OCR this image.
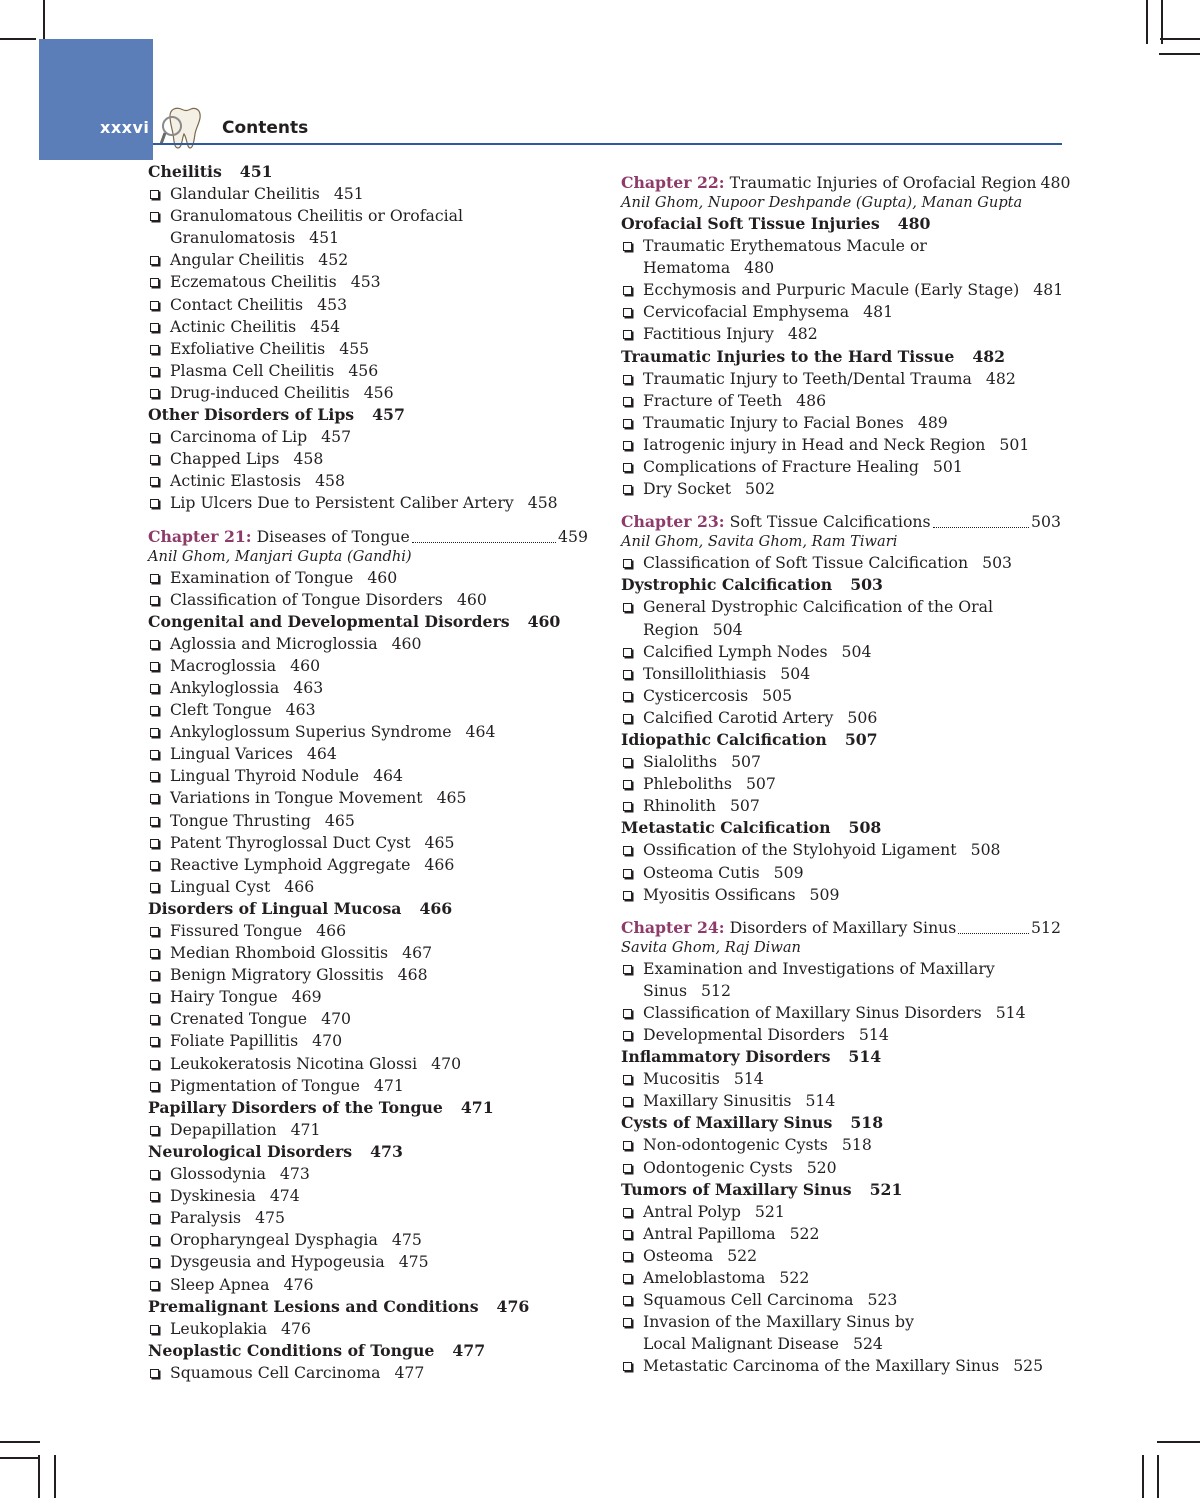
xxxvi	Contents
Cheilitis 451
Glandular Cheilitis 451
Granulomatous Cheilitis or Orofacial
Granulomatosis 451
Angular Cheilitis 452
Eczematous Cheilitis 453
Contact Cheilitis 453
Actinic Cheilitis 454
Exfoliative Cheilitis 455
Plasma Cell Cheilitis 456
Drug-induced Cheilitis 456
Other Disorders of Lips 457
Carcinoma of Lip 457
Chapped Lips 458
Actinic Elastosis 458
Lip Ulcers Due to Persistent Caliber Artery 458
Chapter 21: Diseases of Tongue	459
Anil Ghom, Manjari Gupta (Gandhi)
Examination of Tongue 460
Classification of Tongue Disorders 460
Congenital and Developmental Disorders 460
Aglossia and Microglossia 460
Macroglossia 460
Ankyloglossia 463
Cleft Tongue 463
Ankyloglossum Superius Syndrome 464
Lingual Varices 464
Lingual Thyroid Nodule 464
Variations in Tongue Movement 465
Tongue Thrusting 465
Patent Thyroglossal Duct Cyst 465
Reactive Lymphoid Aggregate 466
Lingual Cyst 466
Disorders of Lingual Mucosa 466
Fissured Tongue 466
Median Rhomboid Glossitis 467
Benign Migratory Glossitis 468
Hairy Tongue 469
Crenated Tongue 470
Foliate Papillitis 470
Leukokeratosis Nicotina Glossi 470
Pigmentation of Tongue 471
Papillary Disorders of the Tongue 471
Depapillation 471
Neurological Disorders 473
Glossodynia 473
Dyskinesia 474
Paralysis 475
Oropharyngeal Dysphagia 475
Dysgeusia and Hypogeusia 475
Sleep Apnea 476
Premalignant Lesions and Conditions 476
Leukoplakia 476
Neoplastic Conditions of Tongue 477
Squamous Cell Carcinoma 477
Chapter 22: Traumatic Injuries of Orofacial Region 480
Anil Ghom, Nupoor Deshpande (Gupta), Manan Gupta
Orofacial Soft Tissue Injuries 480
Traumatic Erythematous Macule or
Hematoma 480
Ecchymosis and Purpuric Macule (Early Stage) 481
Cervicofacial Emphysema 481
Factitious Injury 482
Traumatic Injuries to the Hard Tissue 482
Traumatic Injury to Teeth/Dental Trauma 482
Fracture of Teeth 486
Traumatic Injury to Facial Bones 489
Iatrogenic injury in Head and Neck Region 501
Complications of Fracture Healing 501
Dry Socket 502
Chapter 23: Soft Tissue Calcifications	503
Anil Ghom, Savita Ghom, Ram Tiwari
Classification of Soft Tissue Calcification 503
Dystrophic Calcification 503
General Dystrophic Calcification of the Oral
Region 504
Calcified Lymph Nodes 504
Tonsillolithiasis 504
Cysticercosis 505
Calcified Carotid Artery 506
Idiopathic Calcification 507
Sialoliths 507
Phleboliths 507
Rhinolith 507
Metastatic Calcification 508
Ossification of the Stylohyoid Ligament 508
Osteoma Cutis 509
Myositis Ossificans 509
Chapter 24: Disorders of Maxillary Sinus	512
Savita Ghom, Raj Diwan
Examination and Investigations of Maxillary
Sinus 512
Classification of Maxillary Sinus Disorders 514
Developmental Disorders 514
Inflammatory Disorders 514
Mucositis 514
Maxillary Sinusitis 514
Cysts of Maxillary Sinus 518
Non-odontogenic Cysts 518
Odontogenic Cysts 520
Tumors of Maxillary Sinus 521
Antral Polyp 521
Antral Papilloma 522
Osteoma 522
Ameloblastoma 522
Squamous Cell Carcinoma 523
Invasion of the Maxillary Sinus by
Local Malignant Disease 524
Metastatic Carcinoma of the Maxillary Sinus 525
